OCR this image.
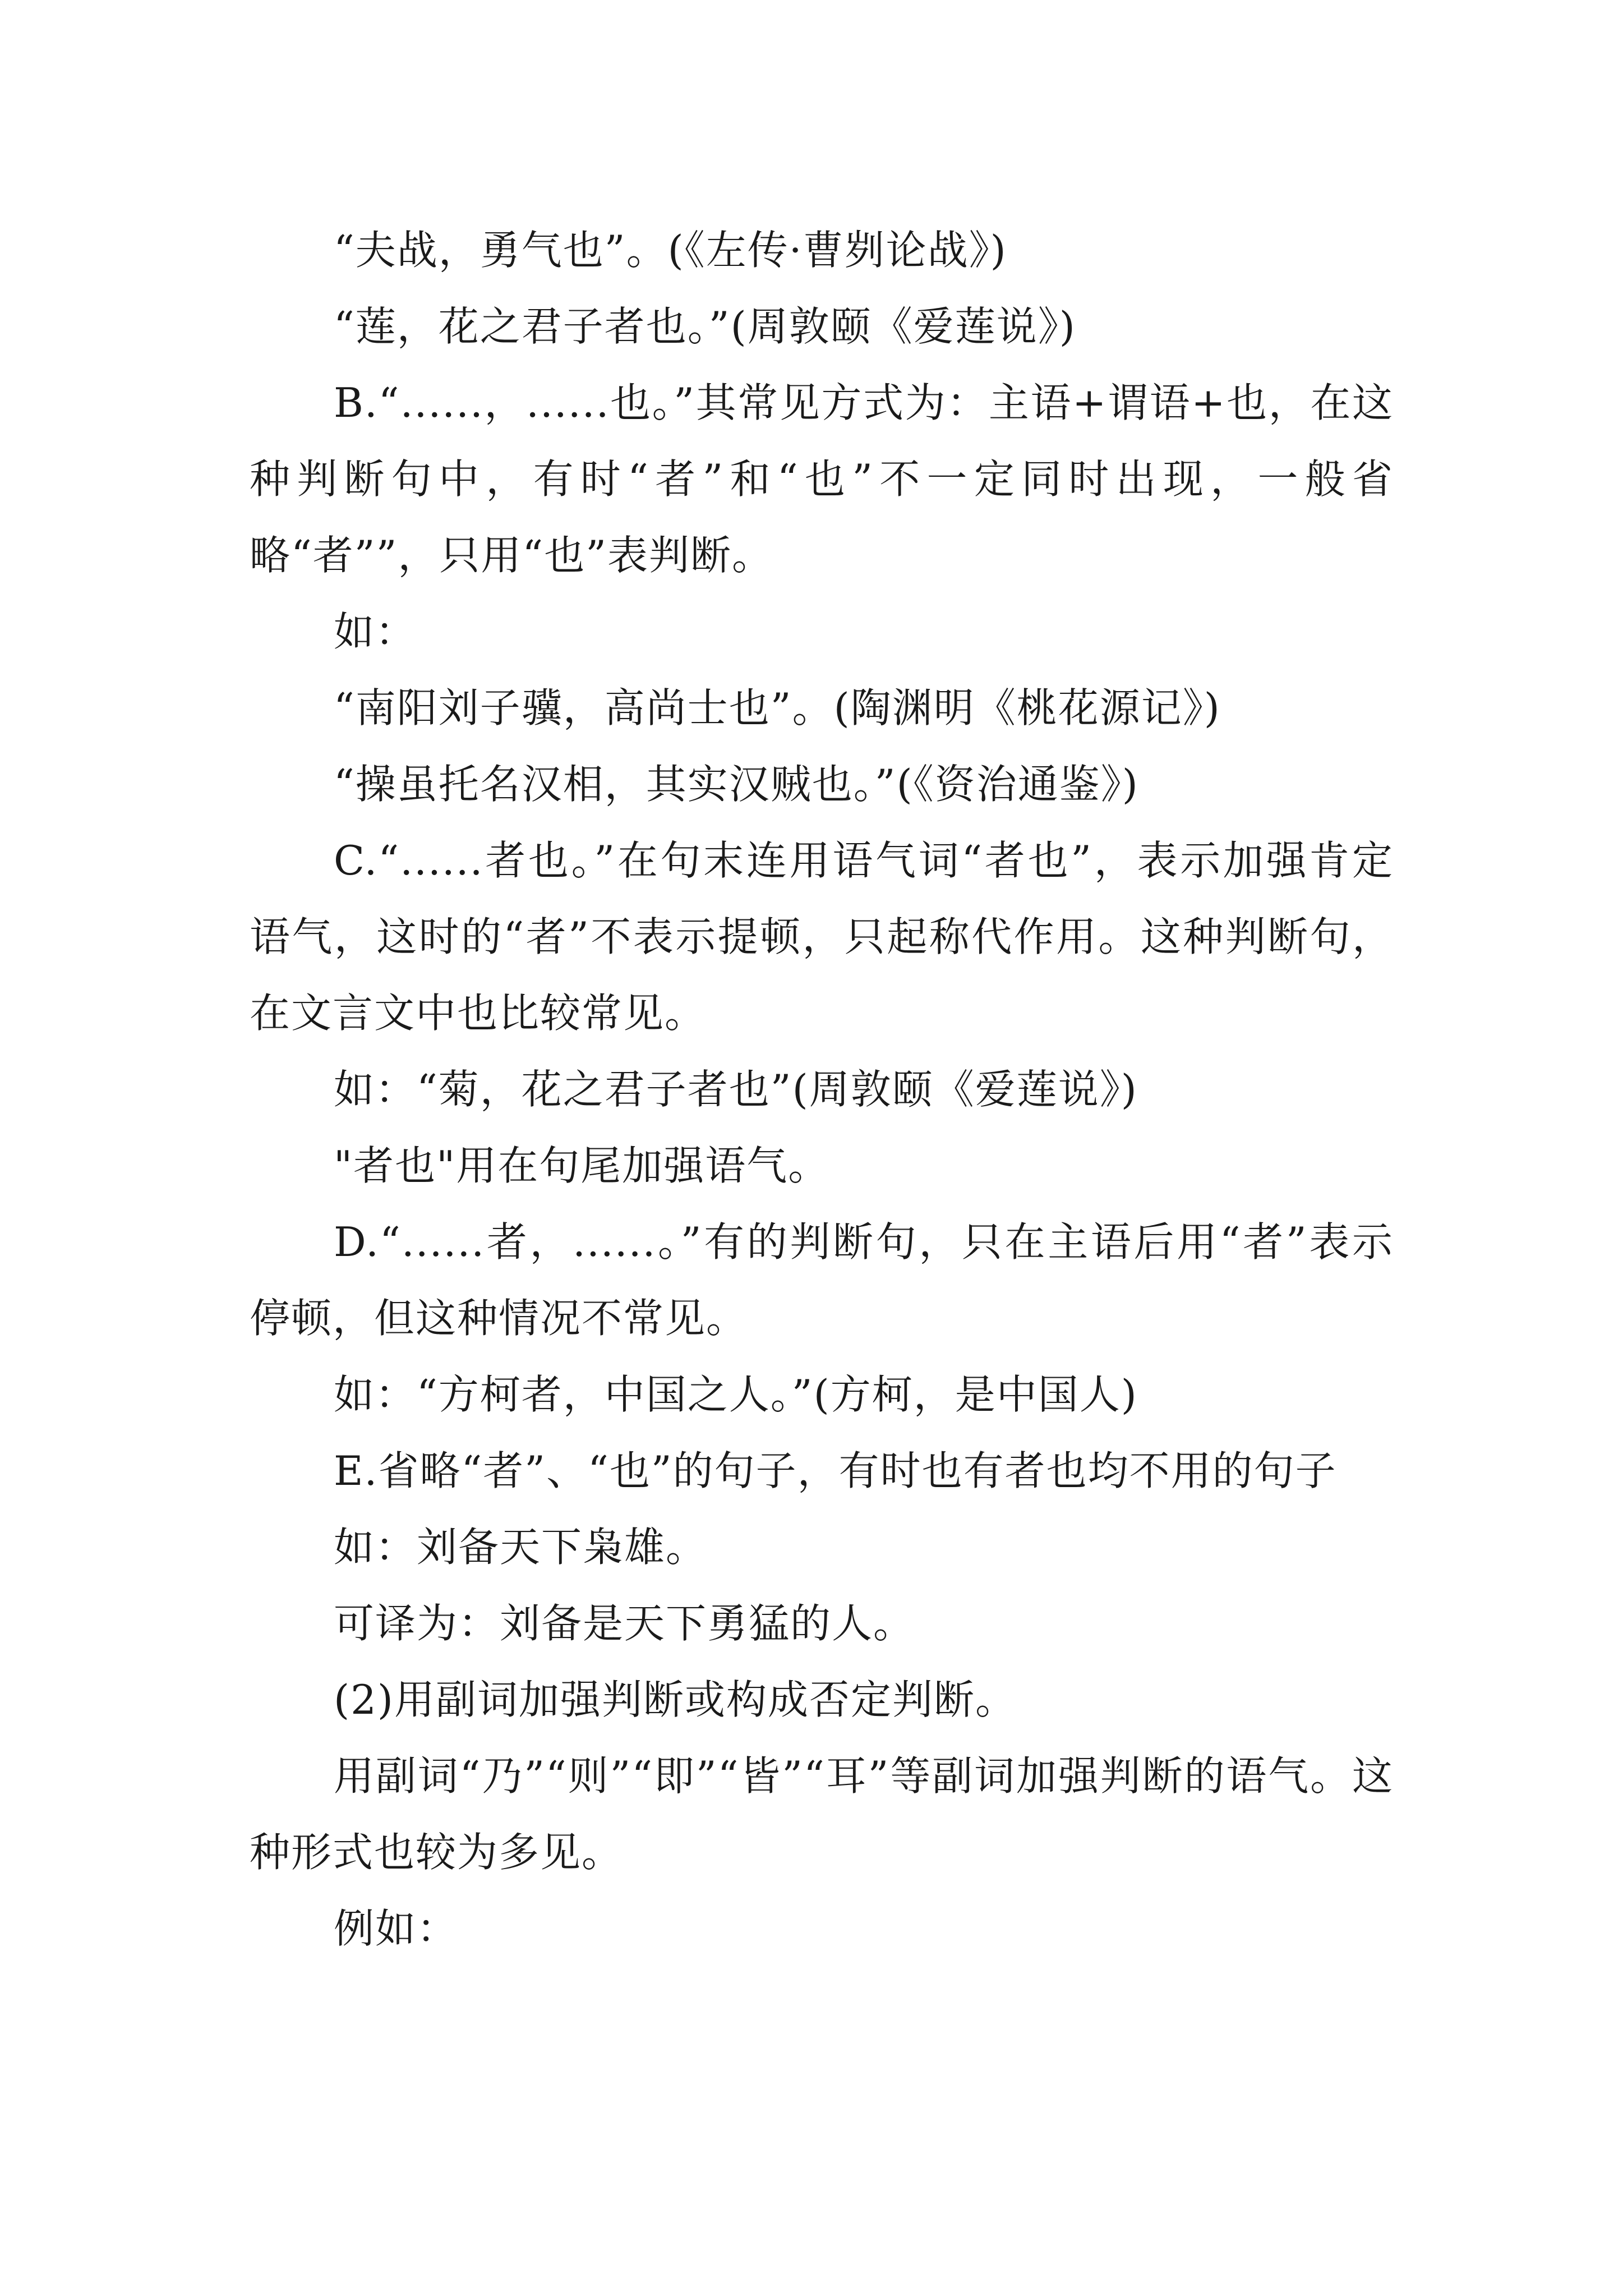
“夫战，勇气也”。(《左传·曹刿论战》)

“莲，花之君子者也。”(周敦颐《爱莲说》)

B.“......，......也。”其常见方式为：主语+谓语+也，在这种判断句中，有时“者”和“也”不一定同时出现，一般省略“者””，只用“也”表判断。

如：

“南阳刘子骥，高尚士也”。(陶渊明《桃花源记》)

“操虽托名汉相，其实汉贼也。”(《资治通鉴》)

C.“......者也。”在句末连用语气词“者也”，表示加强肯定语气，这时的“者”不表示提顿，只起称代作用。这种判断句，在文言文中也比较常见。

如：“菊，花之君子者也”(周敦颐《爱莲说》)

"者也"用在句尾加强语气。

D.“......者，......。”有的判断句，只在主语后用“者”表示停顿，但这种情况不常见。

如：“方柯者，中国之人。”(方柯，是中国人)

E.省略“者”、“也”的句子，有时也有者也均不用的句子

如：刘备天下枭雄。

可译为：刘备是天下勇猛的人。

(2)用副词加强判断或构成否定判断。

用副词“乃”“则”“即”“皆”“耳”等副词加强判断的语气。这种形式也较为多见。

例如：
